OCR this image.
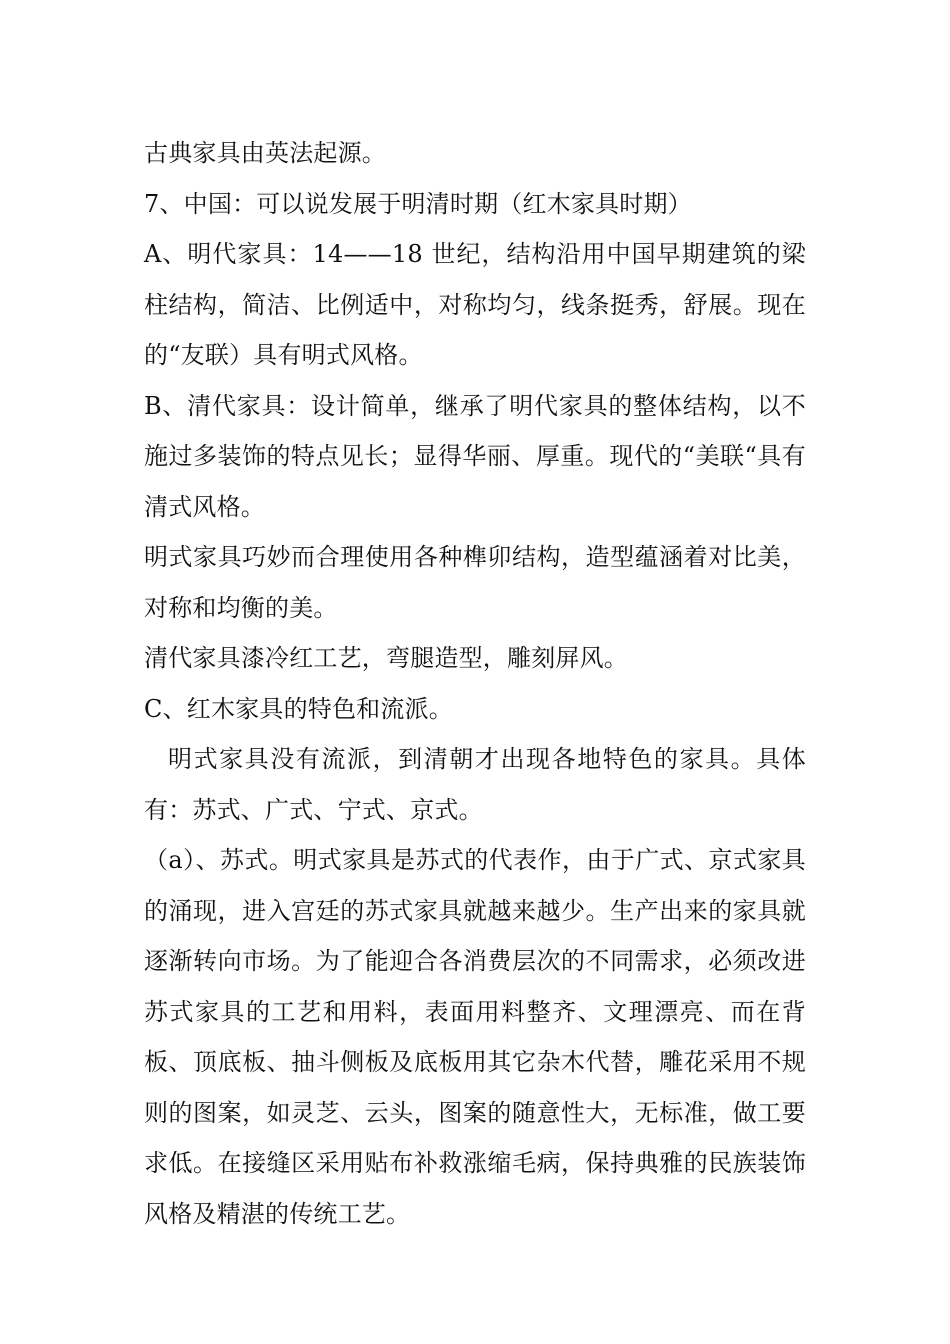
古典家具由英法起源。

7、中国：可以说发展于明清时期（红木家具时期）

A、明代家具：14——18 世纪，结构沿用中国早期建筑的梁柱结构，简洁、比例适中，对称均匀，线条挺秀，舒展。现在的“友联）具有明式风格。

B、清代家具：设计简单，继承了明代家具的整体结构，以不施过多装饰的特点见长；显得华丽、厚重。现代的“美联“具有清式风格。

明式家具巧妙而合理使用各种榫卯结构，造型蕴涵着对比美，对称和均衡的美。

清代家具漆冷红工艺，弯腿造型，雕刻屏风。

C、红木家具的特色和流派。

明式家具没有流派，到清朝才出现各地特色的家具。具体有：苏式、广式、宁式、京式。

（a）、苏式。明式家具是苏式的代表作，由于广式、京式家具的涌现，进入宫廷的苏式家具就越来越少。生产出来的家具就逐渐转向市场。为了能迎合各消费层次的不同需求，必须改进苏式家具的工艺和用料，表面用料整齐、文理漂亮、而在背板、顶底板、抽斗侧板及底板用其它杂木代替，雕花采用不规则的图案，如灵芝、云头，图案的随意性大，无标准，做工要求低。在接缝区采用贴布补救涨缩毛病，保持典雅的民族装饰风格及精湛的传统工艺。
